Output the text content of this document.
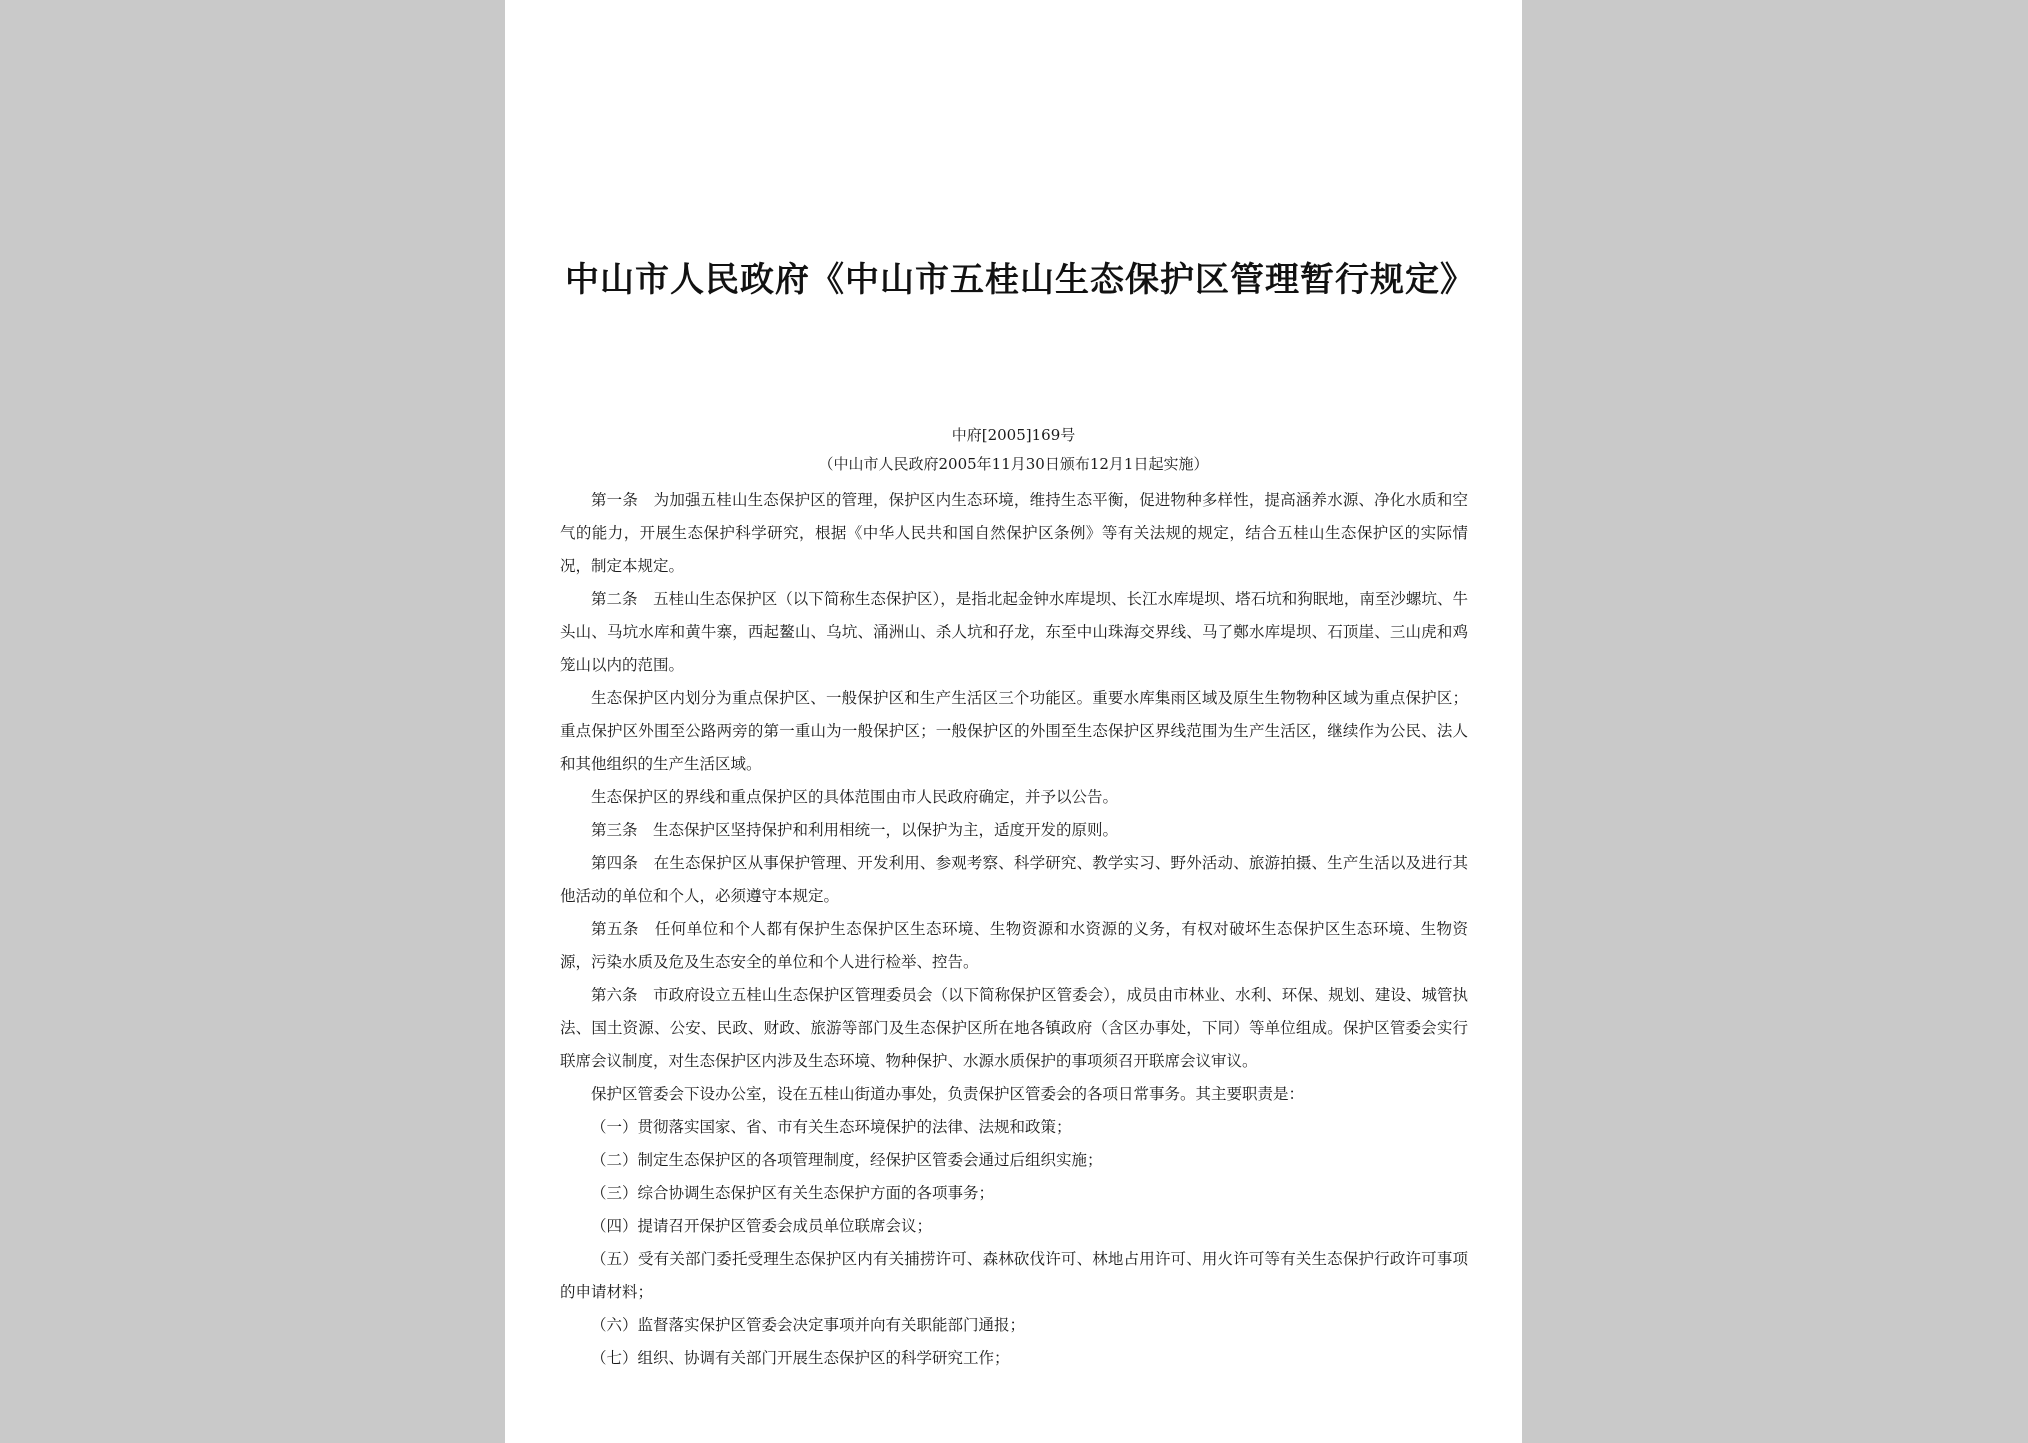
中山市人民政府《中山市五桂山生态保护区管理暂行规定》
中府[2005]169号
（中山市人民政府2005年11月30日颁布12月1日起实施）

第一条　为加强五桂山生态保护区的管理，保护区内生态环境，维持生态平衡，促进物种多样性，提高涵养水源、净化水质和空气的能力，开展生态保护科学研究，根据《中华人民共和国自然保护区条例》等有关法规的规定，结合五桂山生态保护区的实际情况，制定本规定。

第二条　五桂山生态保护区（以下简称生态保护区），是指北起金钟水库堤坝、长江水库堤坝、塔石坑和狗眠地，南至沙螺坑、牛头山、马坑水库和黄牛寨，西起鳌山、乌坑、涌洲山、杀人坑和孖龙，东至中山珠海交界线、马了鄭水库堤坝、石顶崖、三山虎和鸡笼山以内的范围。

生态保护区内划分为重点保护区、一般保护区和生产生活区三个功能区。重要水库集雨区域及原生生物物种区域为重点保护区；重点保护区外围至公路两旁的第一重山为一般保护区；一般保护区的外围至生态保护区界线范围为生产生活区，继续作为公民、法人和其他组织的生产生活区域。

生态保护区的界线和重点保护区的具体范围由市人民政府确定，并予以公告。

第三条　生态保护区坚持保护和利用相统一，以保护为主，适度开发的原则。

第四条　在生态保护区从事保护管理、开发利用、参观考察、科学研究、教学实习、野外活动、旅游拍摄、生产生活以及进行其他活动的单位和个人，必须遵守本规定。

第五条　任何单位和个人都有保护生态保护区生态环境、生物资源和水资源的义务，有权对破坏生态保护区生态环境、生物资源，污染水质及危及生态安全的单位和个人进行检举、控告。

第六条　市政府设立五桂山生态保护区管理委员会（以下简称保护区管委会），成员由市林业、水利、环保、规划、建设、城管执法、国土资源、公安、民政、财政、旅游等部门及生态保护区所在地各镇政府（含区办事处，下同）等单位组成。保护区管委会实行联席会议制度，对生态保护区内涉及生态环境、物种保护、水源水质保护的事项须召开联席会议审议。

保护区管委会下设办公室，设在五桂山街道办事处，负责保护区管委会的各项日常事务。其主要职责是：

（一）贯彻落实国家、省、市有关生态环境保护的法律、法规和政策；

（二）制定生态保护区的各项管理制度，经保护区管委会通过后组织实施；

（三）综合协调生态保护区有关生态保护方面的各项事务；

（四）提请召开保护区管委会成员单位联席会议；

（五）受有关部门委托受理生态保护区内有关捕捞许可、森林砍伐许可、林地占用许可、用火许可等有关生态保护行政许可事项的申请材料；

（六）监督落实保护区管委会决定事项并向有关职能部门通报；

（七）组织、协调有关部门开展生态保护区的科学研究工作；
